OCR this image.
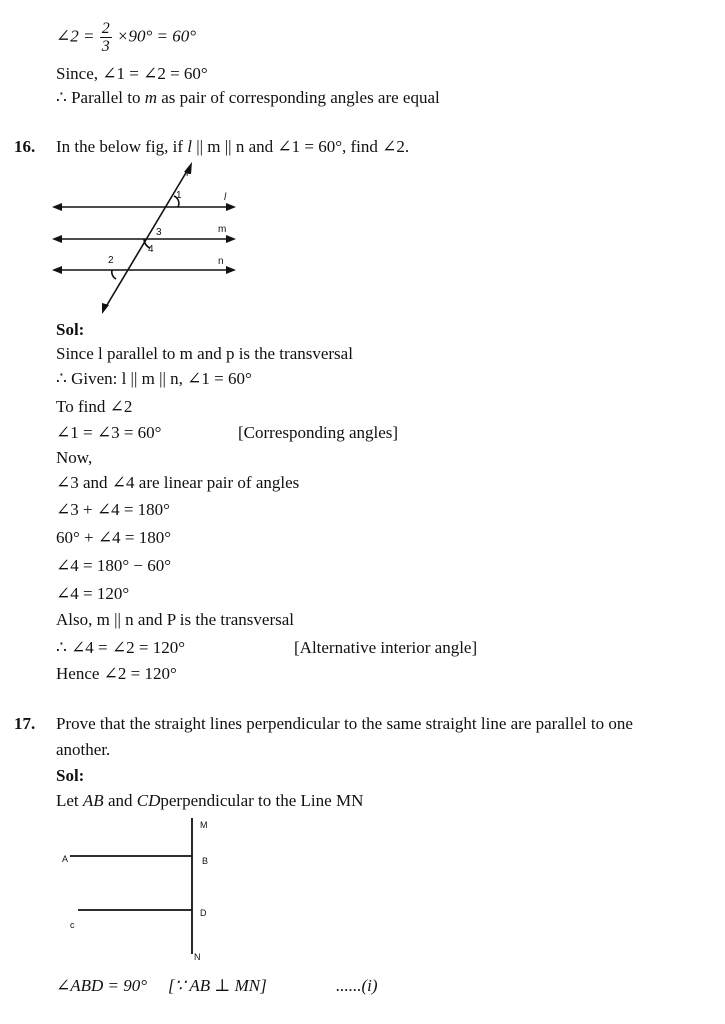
∠2 = $\frac{2}{3} \times 90^\circ = 60^\circ$
Since, ∠1 = ∠2 = 60°
∴ Parallel to m as pair of corresponding angles are equal
16. In the below fig, if l || m || n and ∠1 = 60°, find ∠2.
p
l
m
n
1
3
4
2
Sol:
Since l parallel to m and p is the transversal
∴ Given: l || m || n, ∠1 = 60°
To find ∠2
∠1 = ∠3 = 60°	[Corresponding angles]
Now,
∠3 and ∠4 are linear pair of angles
∠3 + ∠4 = 180°
60° + ∠4 = 180°
∠4 = 180° − 60°
∠4 = 120°
Also, m || n and P is the transversal
∴ ∠4 = ∠2 = 120°	[Alternative interior angle]
Hence ∠2 = 120°
17. Prove that the straight lines perpendicular to the same straight line are parallel to one
another.
Sol:
Let AB and CDperpendicular to the Line MN
M
B
A
D
c
N
∠ABD = 90° [∵ AB ⊥ MN]	......(i)
